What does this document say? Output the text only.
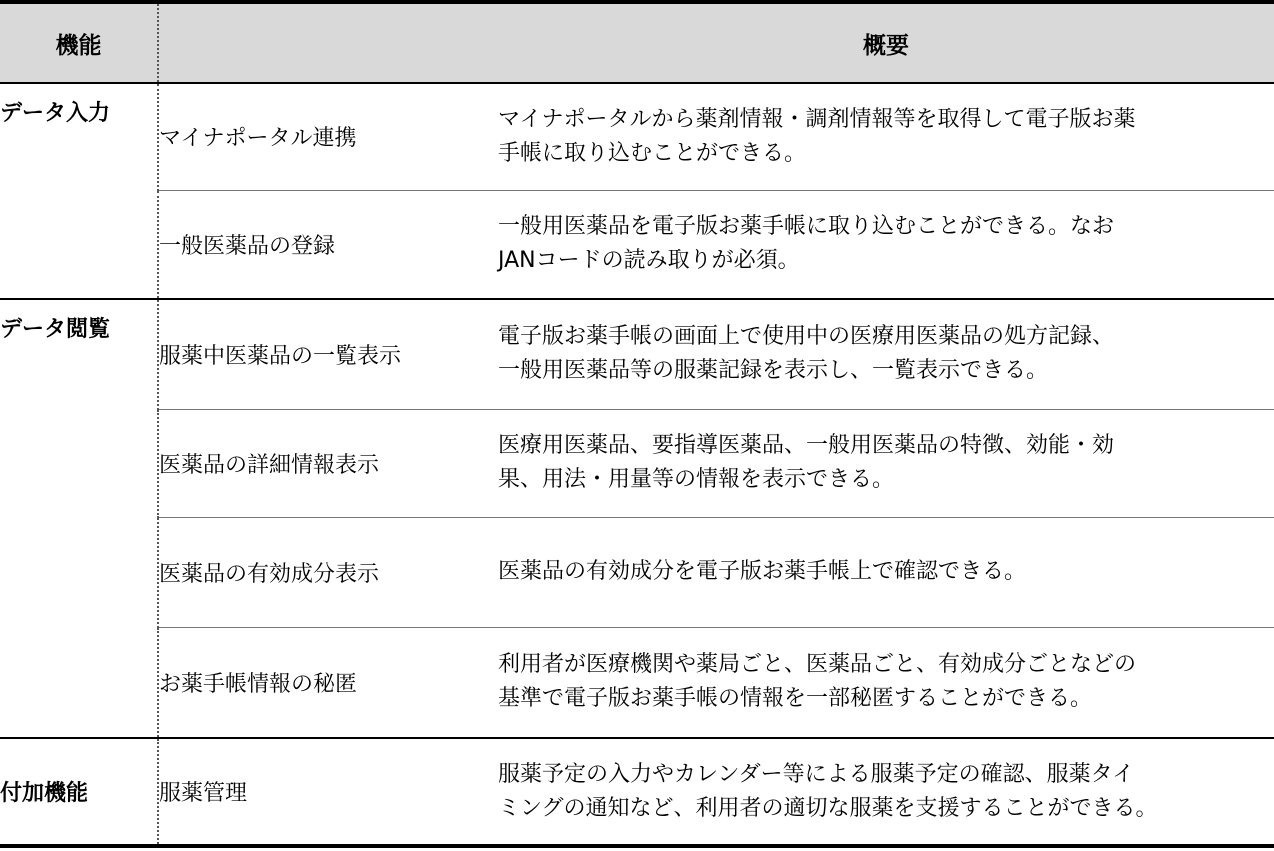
機能		概要
データ入力	マイナポータル連携	マイナポータルから薬剤情報・調剤情報等を取得して電子版お薬
手帳に取り込むことができる。

	一般医薬品の登録	一般用医薬品を電子版お薬手帳に取り込むことができる。なお
JANコードの読み取りが必須。

データ閲覧	服薬中医薬品の一覧表示	電子版お薬手帳の画面上で使用中の医療用医薬品の処方記録、
一般用医薬品等の服薬記録を表示し、一覧表示できる。

	医薬品の詳細情報表示	医療用医薬品、要指導医薬品、一般用医薬品の特徴、効能・効
果、用法・用量等の情報を表示できる。

	医薬品の有効成分表示	医薬品の有効成分を電子版お薬手帳上で確認できる。

	お薬手帳情報の秘匿	利用者が医療機関や薬局ごと、医薬品ごと、有効成分ごとなどの
基準で電子版お薬手帳の情報を一部秘匿することができる。

付加機能	服薬管理	服薬予定の入力やカレンダー等による服薬予定の確認、服薬タイ
ミングの通知など、利用者の適切な服薬を支援することができる。
